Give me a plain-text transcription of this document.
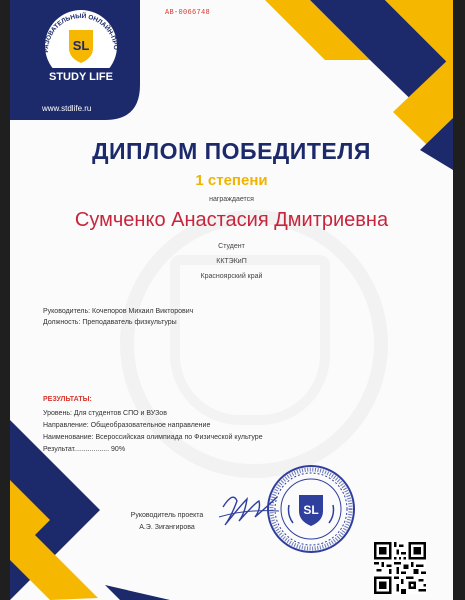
РАЗОВАТЕЛЬНЫЙ ОНЛАЙН-ПРО
SL
STUDY LIFE
www.stdlife.ru
АВ-0066748
ДИПЛОМ ПОБЕДИТЕЛЯ
1 степени
награждается
Сумченко Анастасия Дмитриевна
Студент
ККТЭКиП
Красноярский край
Руководитель: Кочепоров Михаил Викторович
Должность: Преподаватель физкультуры
РЕЗУЛЬТАТЫ:
Уровень: Для студентов СПО и ВУЗов
Направление: Общеобразовательное направление
Наименование: Всероссийская олимпиада по Физической культуре
Результат.................. 90%
Руководитель проекта
А.Э. Зигангирова
SL
